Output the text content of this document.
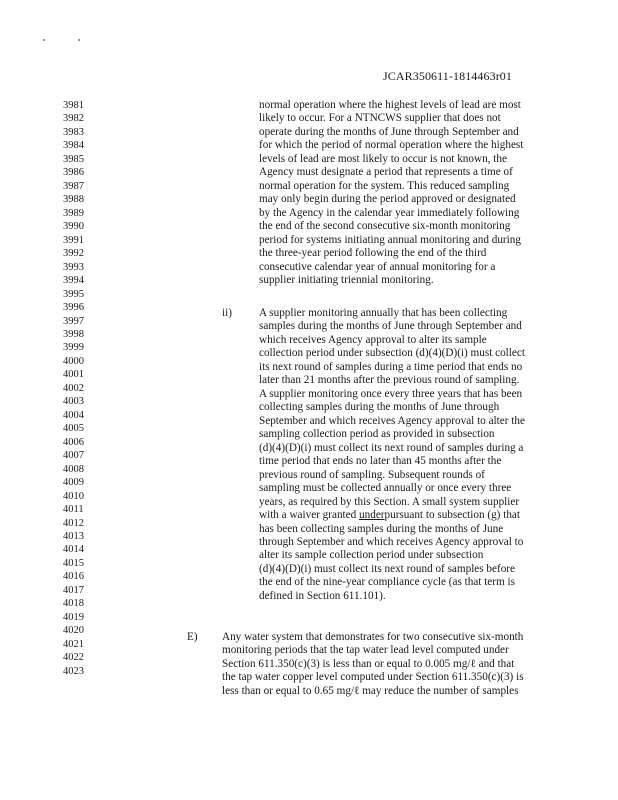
JCAR350611-1814463r01
3981
3982
3983
3984
3985
3986
3987
3988
3989
3990
3991
3992
3993
3994
3995
3996
3997
3998
3999
4000
4001
4002
4003
4004
4005
4006
4007
4008
4009
4010
4011
4012
4013
4014
4015
4016
4017
4018
4019
4020
4021
4022
4023
normal operation where the highest levels of lead are most
likely to occur. For a NTNCWS supplier that does not
operate during the months of June through September and
for which the period of normal operation where the highest
levels of lead are most likely to occur is not known, the
Agency must designate a period that represents a time of
normal operation for the system. This reduced sampling
may only begin during the period approved or designated
by the Agency in the calendar year immediately following
the end of the second consecutive six-month monitoring
period for systems initiating annual monitoring and during
the three-year period following the end of the third
consecutive calendar year of annual monitoring for a
supplier initiating triennial monitoring.
ii) A supplier monitoring annually that has been collecting
samples during the months of June through September and
which receives Agency approval to alter its sample
collection period under subsection (d)(4)(D)(i) must collect
its next round of samples during a time period that ends no
later than 21 months after the previous round of sampling.
A supplier monitoring once every three years that has been
collecting samples during the months of June through
September and which receives Agency approval to alter the
sampling collection period as provided in subsection
(d)(4)(D)(i) must collect its next round of samples during a
time period that ends no later than 45 months after the
previous round of sampling. Subsequent rounds of
sampling must be collected annually or once every three
years, as required by this Section. A small system supplier
with a waiver granted underpursuant to subsection (g) that
has been collecting samples during the months of June
through September and which receives Agency approval to
alter its sample collection period under subsection
(d)(4)(D)(i) must collect its next round of samples before
the end of the nine-year compliance cycle (as that term is
defined in Section 611.101).
E) Any water system that demonstrates for two consecutive six-month
monitoring periods that the tap water lead level computed under
Section 611.350(c)(3) is less than or equal to 0.005 mg/ℓ and that
the tap water copper level computed under Section 611.350(c)(3) is
less than or equal to 0.65 mg/ℓ may reduce the number of samples
